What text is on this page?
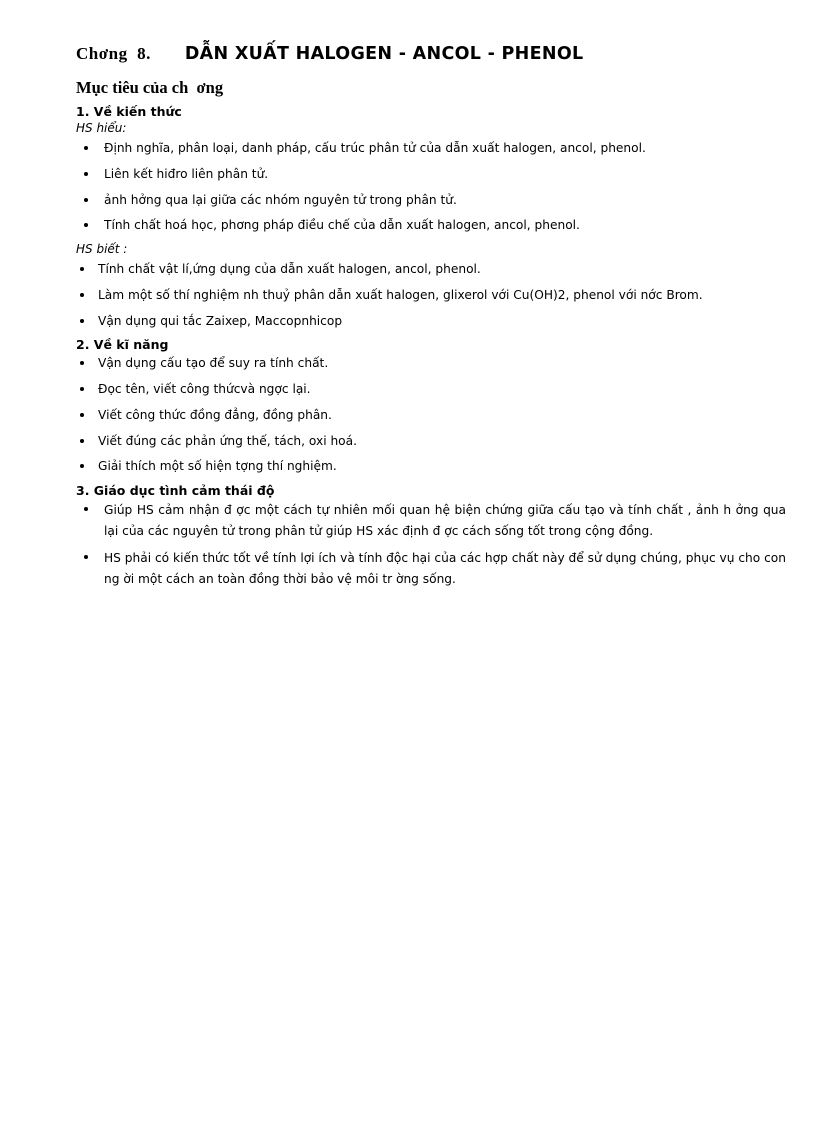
Chơng  8. DẪN XUẤT HALOGEN - ANCOL - PHENOL
Mục tiêu của ch  ơng
1. Về kiến thức
HS hiểu:
Định nghĩa, phân loại, danh pháp, cấu trúc phân tử của dẫn xuất halogen, ancol, phenol.
Liên kết hiđro liên phân tử.
ảnh hởng qua lại giữa các nhóm nguyên tử trong phân tử.
Tính chất hoá học, phơng pháp điều chế của dẫn xuất halogen, ancol, phenol.
HS biết :
Tính chất vật lí,ứng dụng của dẫn xuất halogen, ancol, phenol.
Làm một số thí nghiệm nh thuỷ phân dẫn xuất halogen, glixerol với Cu(OH)2, phenol với nớc Brom.
Vận dụng qui tắc Zaixep, Maccopnhicop
2. Về kĩ năng
Vận dụng cấu tạo để suy ra tính chất.
Đọc tên, viết công thứcvà ngợc lại.
Viết công thức đồng đẳng, đồng phân.
Viết đúng các phản ứng thế, tách, oxi hoá.
Giải thích một số hiện tợng thí nghiệm.
3. Giáo dục tình cảm thái độ
Giúp HS cảm nhận đ ợc một cách tự nhiên mối quan hệ biện chứng giữa cấu tạo và tính chất , ảnh h ởng qua lại của các nguyên tử trong phân tử giúp HS xác định đ ợc cách sống tốt trong cộng đồng.
HS phải có kiến thức tốt về tính lợi ích và tính độc hại của các hợp chất này để sử dụng chúng, phục vụ cho con ng ời một cách an toàn đồng thời bảo vệ môi tr ờng sống.
